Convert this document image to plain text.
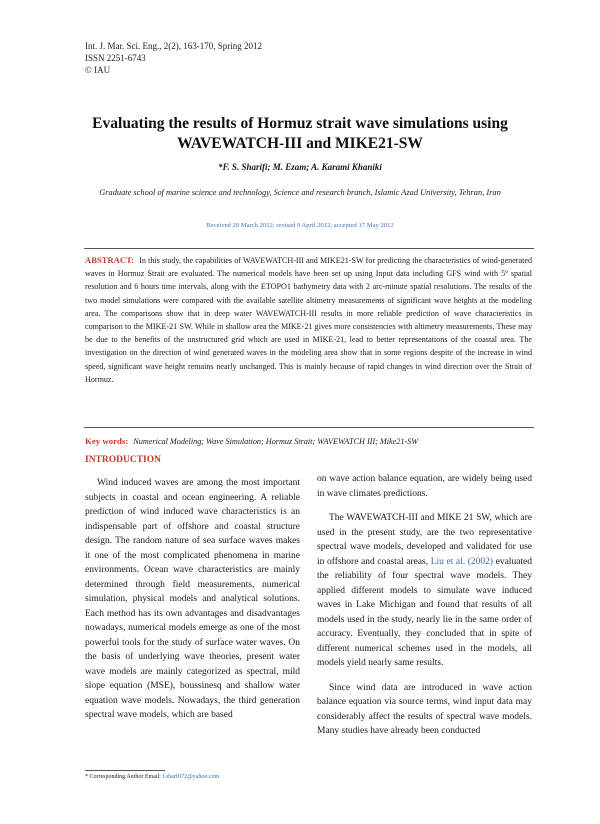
Int. J. Mar. Sci. Eng., 2(2), 163-170, Spring 2012
ISSN 2251-6743
© IAU
Evaluating the results of Hormuz strait wave simulations using WAVEWATCH-III and MIKE21-SW
*F. S. Sharifi; M. Ezam; A. Karami Khaniki
Graduate school of marine science and technology, Science and research branch, Islamic Azad University, Tehran, Iran
Received 20 March 2012; revised 9 April 2012; accepted 17 May 2012
ABSTRACT: In this study, the capabilities of WAVEWATCH-III and MIKE21-SW for predicting the characteristics of wind-generated waves in Hormuz Strait are evaluated. The numerical models have been set up using Input data including GFS wind with 5º spatial resolution and 6 hours time intervals, along with the ETOPO1 bathymetry data with 2 arc-minute spatial resolutions. The results of the two model simulations were compared with the available satellite altimetry measurements of significant wave heights at the modeling area. The comparisons show that in deep water WAVEWATCH-III results in more reliable prediction of wave characteristics in comparison to the MIKE-21 SW. While in shallow area the MIKE-21 gives more consistencies with altimetry measurements. These may be due to the benefits of the unstructured grid which are used in MIKE-21, lead to better representations of the coastal area. The investigation on the direction of wind generated waves in the modeling area show that in some regions despite of the increase in wind speed, significant wave height remains nearly unchanged. This is mainly because of rapid changes in wind direction over the Strait of Hormuz.
Key words: Numerical Modeling; Wave Simulation; Hormuz Strait; WAVEWATCH III; Mike21-SW
INTRODUCTION

Wind induced waves are among the most important subjects in coastal and ocean engineering. A reliable prediction of wind induced wave characteristics is an indispensable part of offshore and coastal structure design. The random nature of sea surface waves makes it one of the most complicated phenomena in marine environments. Ocean wave characteristics are mainly determined through field measurements, numerical simulation, physical models and analytical solutions. Each method has its own advantages and disadvantages nowadays, numerical models emerge as one of the most powerful tools for the study of surface water waves. On the basis of underlying wave theories, present water wave models are mainly categorized as spectral, mild slope equation (MSE), boussinesq and shallow water equation wave models. Nowadays, the third generation spectral wave models, which are based

on wave action balance equation, are widely being used in wave climates predictions.

The WAVEWATCH-III and MIKE 21 SW, which are used in the present study, are the two representative spectral wave models, developed and validated for use in offshore and coastal areas, Liu et al. (2002) evaluated the reliability of four spectral wave models. They applied different models to simulate wave induced waves in Lake Michigan and found that results of all models used in the study, nearly lie in the same order of accuracy. Eventually, they concluded that in spite of different numerical schemes used in the models, all models yield nearly same results.

Since wind data are introduced in wave action balance equation via source terms, wind input data may considerably affect the results of spectral wave models. Many studies have already been conducted

* Corresponding Author Email: f.sharifi72@yahoo.com
